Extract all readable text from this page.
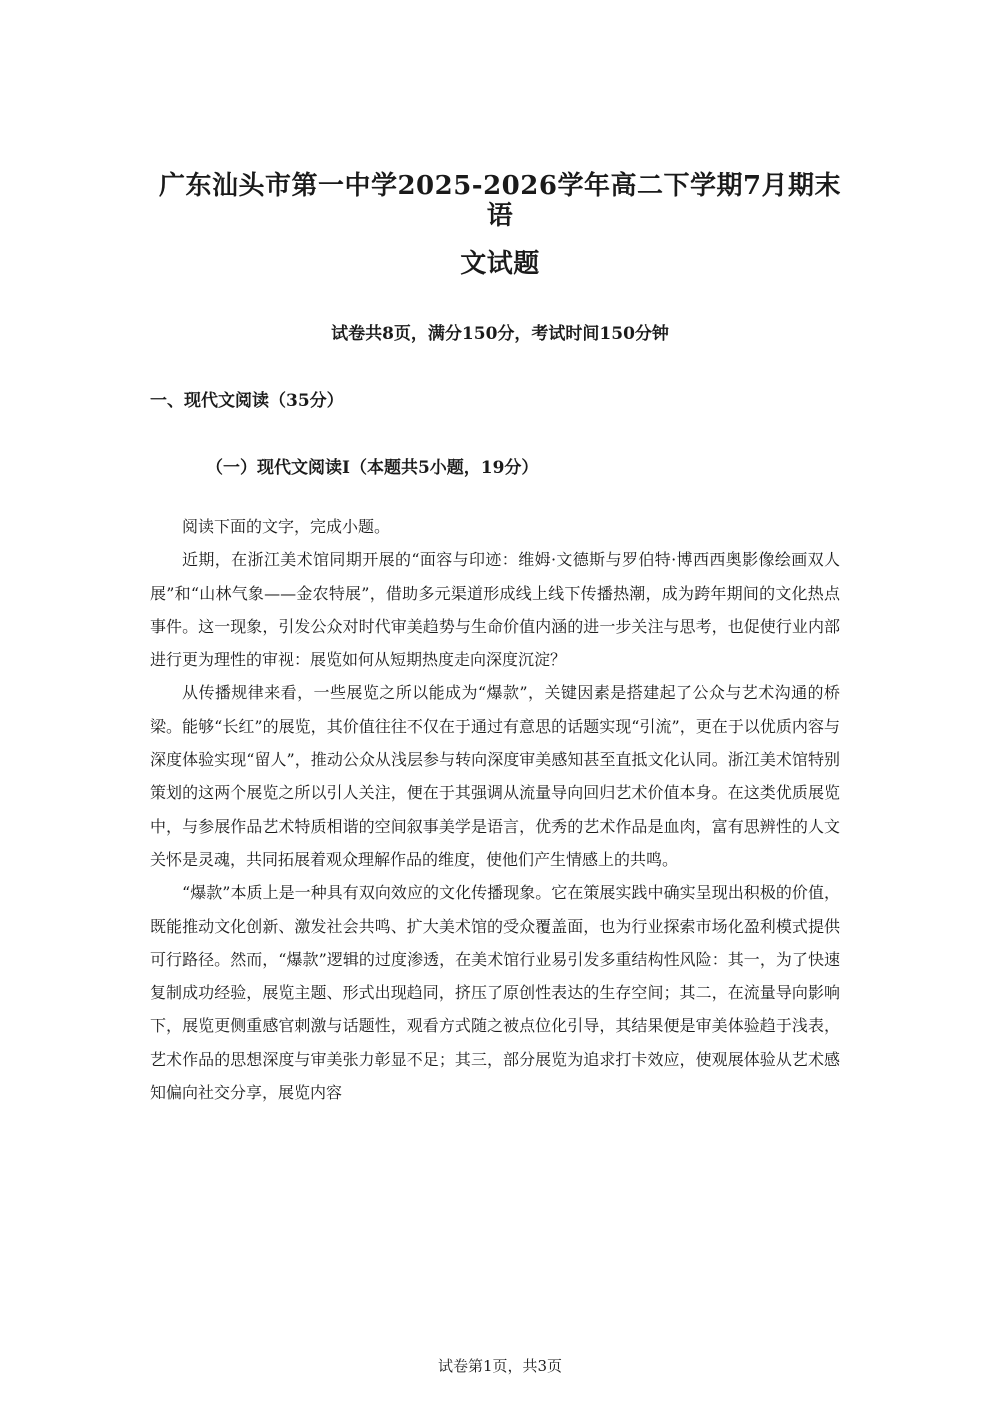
广东汕头市第一中学2025-2026学年高二下学期7月期末语
文试题
试卷共8页，满分150分，考试时间150分钟
一、现代文阅读（35分）
（一）现代文阅读Ⅰ（本题共5小题，19分）

阅读下面的文字，完成小题。

近期，在浙江美术馆同期开展的“面容与印迹：维姆·文德斯与罗伯特·博西西奥影像绘画双人展”和“山林气象——金农特展”，借助多元渠道形成线上线下传播热潮，成为跨年期间的文化热点事件。这一现象，引发公众对时代审美趋势与生命价值内涵的进一步关注与思考，也促使行业内部进行更为理性的审视：展览如何从短期热度走向深度沉淀？

从传播规律来看，一些展览之所以能成为“爆款”，关键因素是搭建起了公众与艺术沟通的桥梁。能够“长红”的展览，其价值往往不仅在于通过有意思的话题实现“引流”，更在于以优质内容与深度体验实现“留人”，推动公众从浅层参与转向深度审美感知甚至直抵文化认同。浙江美术馆特别策划的这两个展览之所以引人关注，便在于其强调从流量导向回归艺术价值本身。在这类优质展览中，与参展作品艺术特质相谐的空间叙事美学是语言，优秀的艺术作品是血肉，富有思辨性的人文关怀是灵魂，共同拓展着观众理解作品的维度，使他们产生情感上的共鸣。

“爆款”本质上是一种具有双向效应的文化传播现象。它在策展实践中确实呈现出积极的价值，既能推动文化创新、激发社会共鸣、扩大美术馆的受众覆盖面，也为行业探索市场化盈利模式提供可行路径。然而，“爆款”逻辑的过度渗透，在美术馆行业易引发多重结构性风险：其一，为了快速复制成功经验，展览主题、形式出现趋同，挤压了原创性表达的生存空间；其二，在流量导向影响下，展览更侧重感官刺激与话题性，观看方式随之被点位化引导，其结果便是审美体验趋于浅表，艺术作品的思想深度与审美张力彰显不足；其三，部分展览为追求打卡效应，使观展体验从艺术感知偏向社交分享，展览内容

试卷第1页，共3页
